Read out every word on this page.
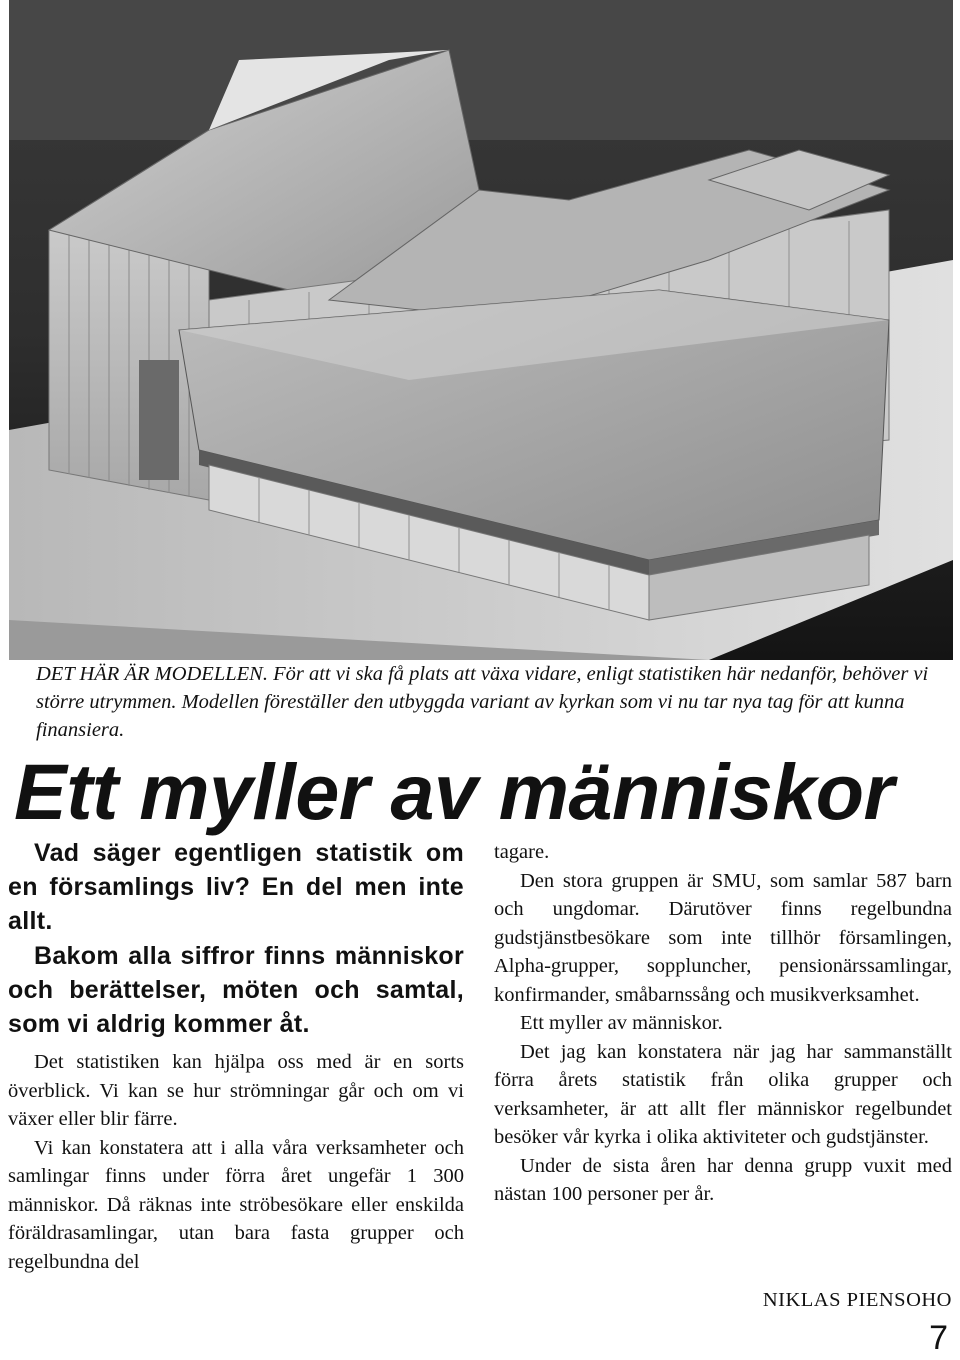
DET HÄR ÄR MODELLEN. För att vi ska få plats att växa vidare, enligt statistiken här nedanför, behöver vi större utrymmen. Modellen föreställer den utbyggda variant av kyrkan som vi nu tar nya tag för att kunna finansiera.
Ett myller av människor

Vad säger egentligen statistik om en församlings liv? En del men inte allt.

Bakom alla siffror finns människor och berättelser, möten och samtal, som vi aldrig kommer åt.

Det statistiken kan hjälpa oss med är en sorts överblick. Vi kan se hur strömningar går och om vi växer eller blir färre.

Vi kan konstatera att i alla våra verksamheter och samlingar finns under förra året ungefär 1 300 människor. Då räknas inte ströbesökare eller enskilda föräldrasamlingar, utan bara fasta grupper och regelbundna del

tagare.

Den stora gruppen är SMU, som samlar 587 barn och ungdomar. Därutöver finns regelbundna gudstjänstbesökare som inte tillhör församlingen, Alpha-grupper, soppluncher, pensionärssamlingar, konfirmander, småbarnssång och musikverksamhet.

Ett myller av människor.

Det jag kan konstatera när jag har sammanställt förra årets statistik från olika grupper och verksamheter, är att allt fler människor regelbundet besöker vår kyrka i olika aktiviteter och gudstjänster.

Under de sista åren har denna grupp vuxit med nästan 100 personer per år.

NIKLAS PIENSOHO
7
